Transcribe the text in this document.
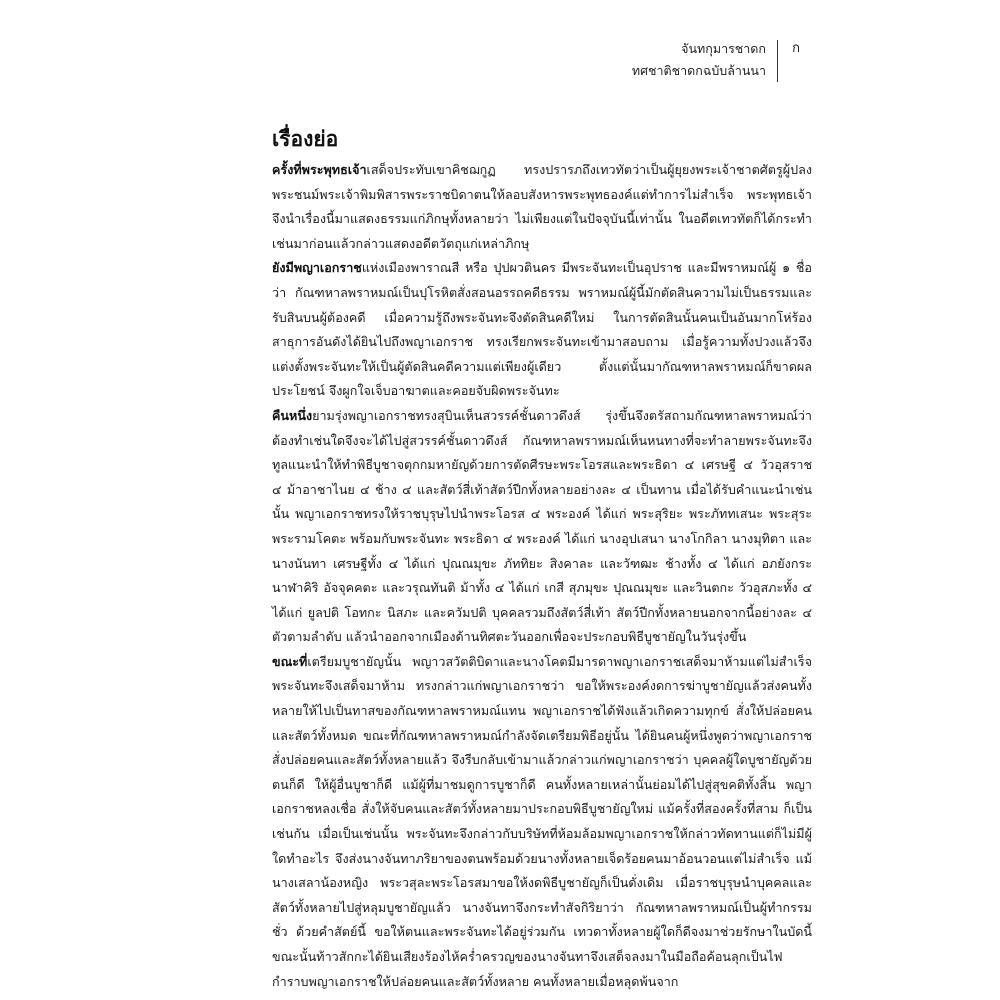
จันทกุมารชาดก
ทศชาติชาดกฉบับล้านนา
ก
เรื่องย่อ

ครั้งที่พระพุทธเจ้าเสด็จประทับเขาคิชฌกูฏ ทรงปรารภถึงเทวทัตว่าเป็นผู้ยุยงพระเจ้าชาตศัตรูผู้ปลงพระชนม์พระเจ้าพิมพิสารพระราชบิดาตนให้ลอบสังหารพระพุทธองค์แต่ทำการไม่สำเร็จ พระพุทธเจ้าจึงนำเรื่องนี้มาแสดงธรรมแก่ภิกษุทั้งหลายว่า ไม่เพียงแต่ในปัจจุบันนี้เท่านั้น ในอดีตเทวทัตก็ได้กระทำเช่นมาก่อนแล้วกล่าวแสดงอดีตวัตถุแก่เหล่าภิกษุ

ยังมีพญาเอกราชแห่งเมืองพาราณสี หรือ ปุปผวตินคร มีพระจันทะเป็นอุปราช และมีพราหมณ์ผู้ ๑ ชื่อว่า กัณฑหาลพราหมณ์เป็นปุโรหิตสั่งสอนอรรถคดีธรรม พราหมณ์ผู้นี้มักตัดสินความไม่เป็นธรรมและรับสินบนผู้ต้องคดี เมื่อความรู้ถึงพระจันทะจึงตัดสินคดีใหม่ ในการตัดสินนั้นคนเป็นอันมากโห่ร้องสาธุการอันดังได้ยินไปถึงพญาเอกราช ทรงเรียกพระจันทะเข้ามาสอบถาม เมื่อรู้ความทั้งปวงแล้วจึงแต่งตั้งพระจันทะให้เป็นผู้ตัดสินคดีความแต่เพียงผู้เดียว ตั้งแต่นั้นมากัณฑหาลพราหมณ์ก็ขาดผลประโยชน์ จึงผูกใจเจ็บอาฆาตและคอยจับผิดพระจันทะ

คืนหนึ่งยามรุ่งพญาเอกราชทรงสุบินเห็นสวรรค์ชั้นดาวดึงส์ รุ่งขึ้นจึงตรัสถามกัณฑหาลพราหมณ์ว่าต้องทำเช่นใดจึงจะได้ไปสู่สวรรค์ชั้นดาวดึงส์ กัณฑหาลพราหมณ์เห็นหนทางที่จะทำลายพระจันทะจึงทูลแนะนำให้ทำพิธีบูชาจตุกกมหายัญด้วยการตัดศีรษะพระโอรสและพระธิดา ๔ เศรษฐี ๔ วัวอุสราช ๔ ม้าอาชาไนย ๔ ช้าง ๔ และสัตว์สี่เท้าสัตว์ปีกทั้งหลายอย่างละ ๔ เป็นทาน เมื่อได้รับคำแนะนำเช่นนั้น พญาเอกราชทรงให้ราชบุรุษไปนำพระโอรส ๔ พระองค์ ได้แก่ พระสุริยะ พระภัททเสนะ พระสุระ พระรามโคตะ พร้อมกับพระจันทะ พระธิดา ๔ พระองค์ ได้แก่ นางอุปเสนา นางโกกิลา นางมุทิตา และนางนันทา เศรษฐีทั้ง ๔ ได้แก่ ปุณณมุขะ ภัททิยะ สิงคาละ และวัฑฒะ ช้างทั้ง ๔ ได้แก่ อภยังกระ นาฬาคิริ อัจจุคคตะ และวรุณทันติ ม้าทั้ง ๔ ได้แก่ เกสี สุภมุขะ ปุณณมุขะ และวินตกะ วัวอุสภะทั้ง ๔ ได้แก่ ยูลปติ โอทกะ นิสภะ และควัมปติ บุคคลรวมถึงสัตว์สี่เท้า สัตว์ปีกทั้งหลายนอกจากนี้อย่างละ ๔ ตัวตามลำดับ แล้วนำออกจากเมืองด้านทิศตะวันออกเพื่อจะประกอบพิธีบูชายัญในวันรุ่งขึ้น

ขณะที่เตรียมบูชายัญนั้น พญาวสวัตติบิดาและนางโคตมีมารดาพญาเอกราชเสด็จมาห้ามแต่ไม่สำเร็จพระจันทะจึงเสด็จมาห้าม ทรงกล่าวแก่พญาเอกราชว่า ขอให้พระองค์งดการฆ่าบูชายัญแล้วส่งคนทั้งหลายให้ไปเป็นทาสของกัณฑหาลพราหมณ์แทน พญาเอกราชได้ฟังแล้วเกิดความทุกข์ สั่งให้ปล่อยคนและสัตว์ทั้งหมด ขณะที่กัณฑหาลพราหมณ์กำลังจัดเตรียมพิธีอยู่นั้น ได้ยินคนผู้หนึ่งพูดว่าพญาเอกราชสั่งปล่อยคนและสัตว์ทั้งหลายแล้ว จึงรีบกลับเข้ามาแล้วกล่าวแก่พญาเอกราชว่า บุคคลผู้ใดบูชายัญด้วยตนก็ดี ให้ผู้อื่นบูชาก็ดี แม้ผู้ที่มาชมดูการบูชาก็ดี คนทั้งหลายเหล่านั้นย่อมได้ไปสู่สุขคติทั้งสิ้น พญาเอกราชหลงเชื่อ สั่งให้จับคนและสัตว์ทั้งหลายมาประกอบพิธีบูชายัญใหม่ แม้ครั้งที่สองครั้งที่สาม ก็เป็นเช่นกัน เมื่อเป็นเช่นนั้น พระจันทะจึงกล่าวกับบริษัทที่ห้อมล้อมพญาเอกราชให้กล่าวทัดทานแต่ก็ไม่มีผู้ใดทำอะไร จึงส่งนางจันทาภริยาของตนพร้อมด้วยนางทั้งหลายเจ็ดร้อยคนมาอ้อนวอนแต่ไม่สำเร็จ แม้นางเสลาน้องหญิง พระวสุละพระโอรสมาขอให้งดพิธีบูชายัญก็เป็นดั่งเดิม เมื่อราชบุรุษนำบุคคลและสัตว์ทั้งหลายไปสู่หลุมบูชายัญแล้ว นางจันทาจึงกระทำสัจกิริยาว่า กัณฑหาลพราหมณ์เป็นผู้ทำกรรมชั่ว ด้วยคำสัตย์นี้ ขอให้ตนและพระจันทะได้อยู่ร่วมกัน เทวดาทั้งหลายผู้ใดก็ดีจงมาช่วยรักษาในบัดนี้ ขณะนั้นท้าวสักกะได้ยินเสียงร้องไห้คร่ำครวญของนางจันทาจึงเสด็จลงมาในมือถือค้อนลุกเป็นไฟ กำราบพญาเอกราชให้ปล่อยคนและสัตว์ทั้งหลาย คนทั้งหลายเมื่อหลุดพ้นจาก
